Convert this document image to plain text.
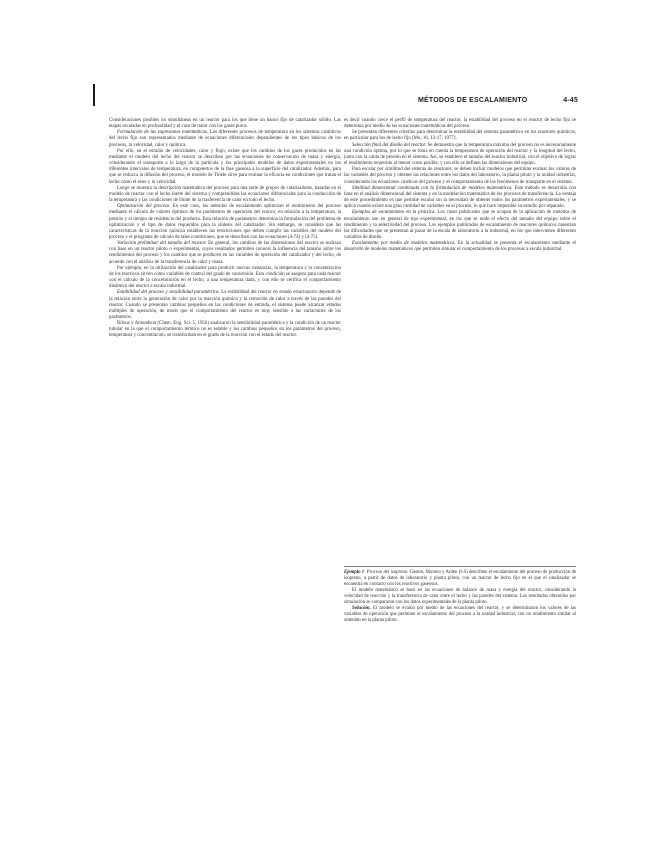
MÉTODOS DE ESCALAMIENTO	4-45

Consideraciones posibles no simultáneas en un reactor para los que tiene un banco fijo de catalizador sólido. Las etapas escaladas en profundidad y el caso de tratar con los gases puros.

Formulación de las expresiones matemáticas. Los diferentes procesos de temperatura en los sistemas catalíticos del lecho fijo son representados mediante de ecuaciones diferenciales dependientes de los tipos básicos de los procesos, la velocidad, calor y química.

Por ello, en el estudio de velocidades, calor y flujo, existe que los cambios de los gases producidos en las mediante el modelo del lecho del reactor se describen por las ecuaciones de conservación de masa y energía, considerando el transporte a lo largo de la partícula y los principales modelos de datos experimentales en los diferentes intervalos de temperatura, en compuestos de la fase gaseosa a la superficie del catalizador. Además, para que se reduzca la difusión del proceso, el modelo de Thiele sirve para evaluar la eficacia en condiciones que tratan el lecho como el seno y la velocidad.

Luego se muestra la descripción matemática del proceso para una serie de grupos de catalizadores, basadas en el modelo de reactor con el lecho inerte del sistema y comprendidas las ecuaciones diferenciales para la conducción de la temperatura y las condiciones de límite de la trasferencia de calor en todo el lecho.

Optimización del proceso. En este caso, los métodos de escalamiento optimizan el rendimiento del proceso mediante el cálculo de valores óptimos de los parámetros de operación del reactor, en relación a la temperatura, la presión y el tiempo de residencia del producto. Esta relación de parámetros determina la formulación del problema de optimización y el tipo de datos requeridos para la síntesis del catalizador. Sin embargo, se considera que las características de la reacción química establecen las restricciones que deben cumplir las variables del modelo del proceso y el programa de cálculo de tales condiciones, que se describen con las ecuaciones (4-74) y (4-75).

Variación preliminar del tamaño del reactor. En general, los cambios de las dimensiones del reactor se realizan con base en un reactor piloto o experimental, cuyos resultados permiten conocer la influencia del tamaño sobre los rendimientos del proceso y los cambios que se producen en las variables de operación del catalizador y del lecho, de acuerdo con el análisis de la transferencia de calor y masa.

Por ejemplo, en la utilización del catalizador para producir nuevas sustancias, la temperatura y la concentración de los reactivos sirven como variables de control del grado de conversión. Esta condición se asegura para cada reactor con el cálculo de la concentración en el lecho, a una temperatura dada, y con ello se verifica el comportamiento dinámico del reactor a escala industrial.

Estabilidad del proceso y sensibilidad paramétrica. La estabilidad del reactor en estado estacionario depende de la relación entre la generación de calor por la reacción química y la remoción de calor a través de las paredes del reactor. Cuando se presentan cambios pequeños en las condiciones de entrada, el sistema puede alcanzar estados múltiples de operación, de modo que el comportamiento del reactor es muy sensible a las variaciones de los parámetros.

Bilous y Amundson (Chem. Eng. Sci. 5, 1956) analizaron la sensibilidad paramétrica y la condición de un reactor tubular en la que el comportamiento térmico no es estable y los cambios pequeños en los parámetros del proceso, temperatura y concentración, se transforman en el grado de la reacción con el estado del reactor.

es decir cuando crece el perfil de temperatura del reactor, la estabilidad del proceso en el reactor de lecho fijo se determina por medio de las ecuaciones matemáticas del proceso.

Se presentan diferentes criterios para determinar la estabilidad del sistema paramétrico en los reactores químicos, en particular para los de lecho fijo (Mo, 16, 13-17, 1977).

Selección final del diseño del reactor. Se demuestra que la temperatura máxima del proceso no es necesariamente una condición óptima, por lo que se toma en cuenta la temperatura de operación del reactor y la longitud del lecho, junto con la caída de presión en el sistema. Así, se establece el tamaño del reactor industrial, con el objetivo de lograr el rendimiento requerido al menor costo posible, y con ello se definen las dimensiones del equipo.

Para escalar por similitud del sistema de reactores, se deben incluir modelos que permitan evaluar los valores de las variables del proceso y obtener las relaciones entre los datos del laboratorio, la planta piloto y la unidad industrial, considerando las ecuaciones cinéticas del proceso y el comportamiento de los fenómenos de transporte en el sistema.

Similitud dimensional combinada con la formulación de modelos matemáticos. Este método se desarrolla con base en el análisis dimensional del sistema y en la modelación matemática de los procesos de transferencia. La ventaja de este procedimiento es que permite escalar sin la necesidad de obtener todos los parámetros experimentales, y se aplica cuando existe una gran cantidad de variables en el proceso, lo que hace imposible su estudio por separado.

Ejemplos de escalamiento en la práctica. Los casos publicados que se ocupan de la aplicación de métodos de escalamiento son en general de tipo experimental, en los que se mide el efecto del tamaño del equipo sobre el rendimiento y la selectividad del proceso. Los ejemplos publicados de escalamiento de reactores químicos muestran las dificultades que se presentan al pasar de la escala de laboratorio a la industrial, en los que intervienen diferentes variables de diseño.

Escalamiento por medio de modelos matemáticos. En la actualidad se presenta el escalamiento mediante el desarrollo de modelos matemáticos que permiten simular el comportamiento de los procesos a escala industrial.

Ejemplo 1 Proceso del isopreno. Gaston, Moreno y Arden (I-S) describen el escalamiento del proceso de producción de isopreno, a partir de datos de laboratorio y planta piloto, con un reactor de lecho fijo en el que el catalizador se encuentra en contacto con los reactivos gaseosos.

El modelo matemático se basó en las ecuaciones de balance de masa y energía del reactor, considerando la velocidad de reacción y la transferencia de calor entre el lecho y las paredes del sistema. Los resultados obtenidos por simulación se compararon con los datos experimentales de la planta piloto.

Solución. El modelo se evaluó por medio de las ecuaciones del reactor, y se determinaron los valores de las variables de operación que permiten el escalamiento del proceso a la unidad industrial, con un rendimiento similar al obtenido en la planta piloto.
